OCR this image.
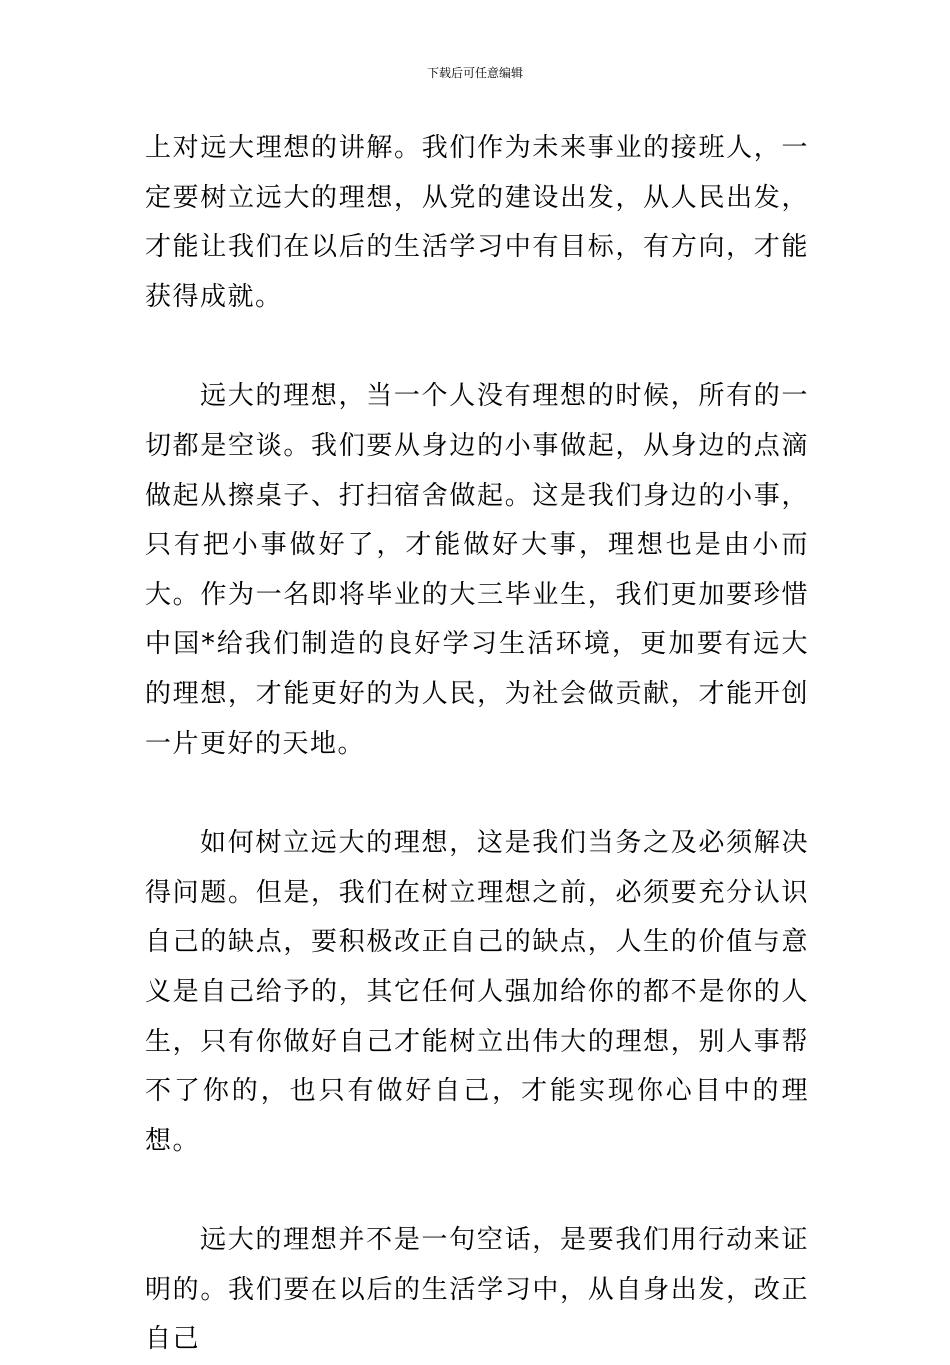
下载后可任意编辑

上对远大理想的讲解。我们作为未来事业的接班人，一定要树立远大的理想，从党的建设出发，从人民出发，才能让我们在以后的生活学习中有目标，有方向，才能获得成就。

远大的理想，当一个人没有理想的时候，所有的一切都是空谈。我们要从身边的小事做起，从身边的点滴做起从擦桌子、打扫宿舍做起。这是我们身边的小事，只有把小事做好了，才能做好大事，理想也是由小而大。作为一名即将毕业的大三毕业生，我们更加要珍惜中国*给我们制造的良好学习生活环境，更加要有远大的理想，才能更好的为人民，为社会做贡献，才能开创一片更好的天地。

如何树立远大的理想，这是我们当务之及必须解决得问题。但是，我们在树立理想之前，必须要充分认识自己的缺点，要积极改正自己的缺点，人生的价值与意义是自己给予的，其它任何人强加给你的都不是你的人生，只有你做好自己才能树立出伟大的理想，别人事帮不了你的，也只有做好自己，才能实现你心目中的理想。

远大的理想并不是一句空话，是要我们用行动来证明的。我们要在以后的生活学习中，从自身出发，改正自己
